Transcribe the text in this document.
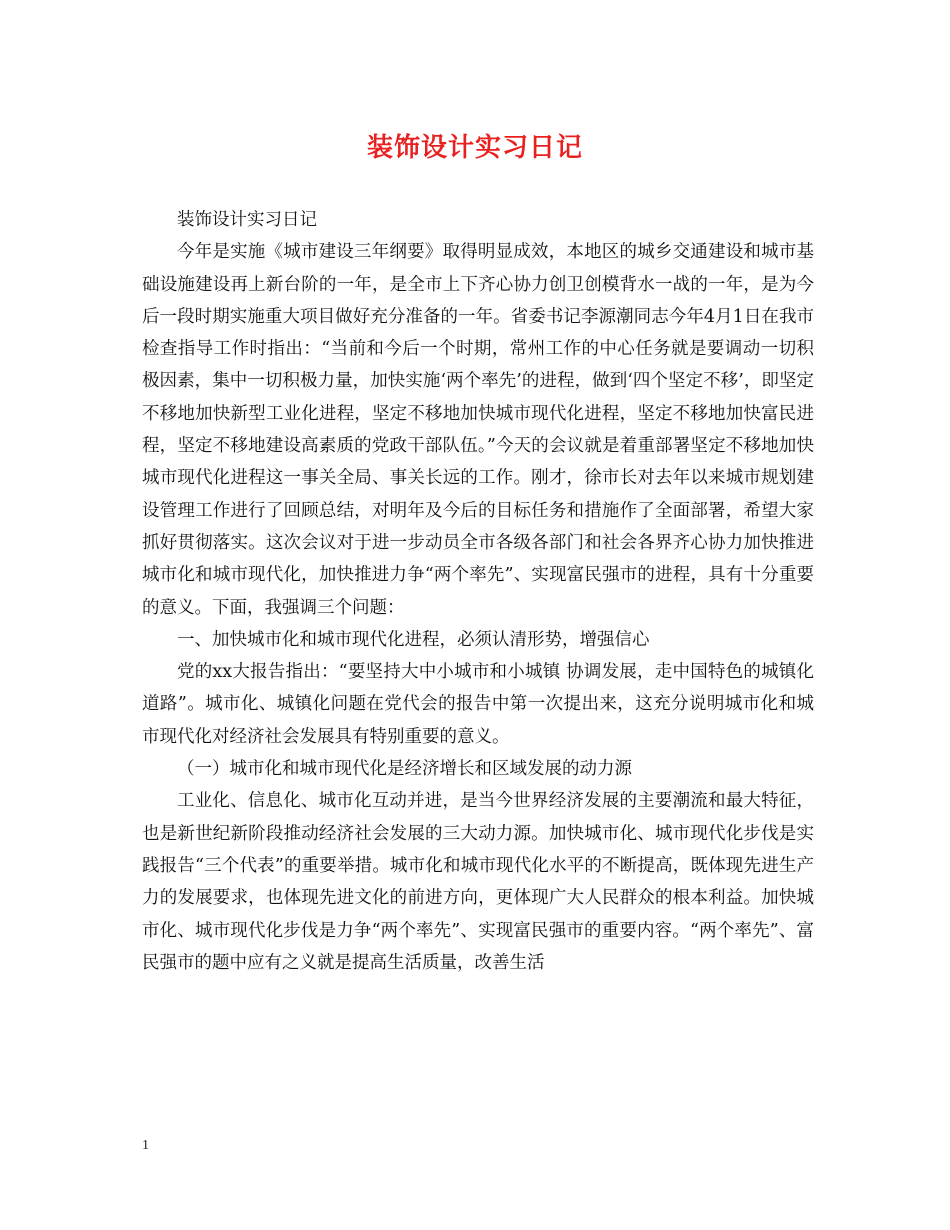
装饰设计实习日记

装饰设计实习日记

今年是实施《城市建设三年纲要》取得明显成效，本地区的城乡交通建设和城市基础设施建设再上新台阶的一年，是全市上下齐心协力创卫创模背水一战的一年，是为今后一段时期实施重大项目做好充分准备的一年。省委书记李源潮同志今年4月1日在我市检查指导工作时指出：“当前和今后一个时期，常州工作的中心任务就是要调动一切积极因素，集中一切积极力量，加快实施‘两个率先’的进程，做到‘四个坚定不移’，即坚定不移地加快新型工业化进程，坚定不移地加快城市现代化进程，坚定不移地加快富民进程，坚定不移地建设高素质的党政干部队伍。”今天的会议就是着重部署坚定不移地加快城市现代化进程这一事关全局、事关长远的工作。刚才，徐市长对去年以来城市规划建设管理工作进行了回顾总结，对明年及今后的目标任务和措施作了全面部署，希望大家抓好贯彻落实。这次会议对于进一步动员全市各级各部门和社会各界齐心协力加快推进城市化和城市现代化，加快推进力争“两个率先”、实现富民强市的进程，具有十分重要的意义。下面，我强调三个问题：

一、加快城市化和城市现代化进程，必须认清形势，增强信心

党的xx大报告指出：“要坚持大中小城市和小城镇 协调发展，走中国特色的城镇化道路”。城市化、城镇化问题在党代会的报告中第一次提出来，这充分说明城市化和城市现代化对经济社会发展具有特别重要的意义。

（一）城市化和城市现代化是经济增长和区域发展的动力源

工业化、信息化、城市化互动并进，是当今世界经济发展的主要潮流和最大特征，也是新世纪新阶段推动经济社会发展的三大动力源。加快城市化、城市现代化步伐是实践报告“三个代表”的重要举措。城市化和城市现代化水平的不断提高，既体现先进生产力的发展要求，也体现先进文化的前进方向，更体现广大人民群众的根本利益。加快城市化、城市现代化步伐是力争“两个率先”、实现富民强市的重要内容。“两个率先”、富民强市的题中应有之义就是提高生活质量，改善生活

1
